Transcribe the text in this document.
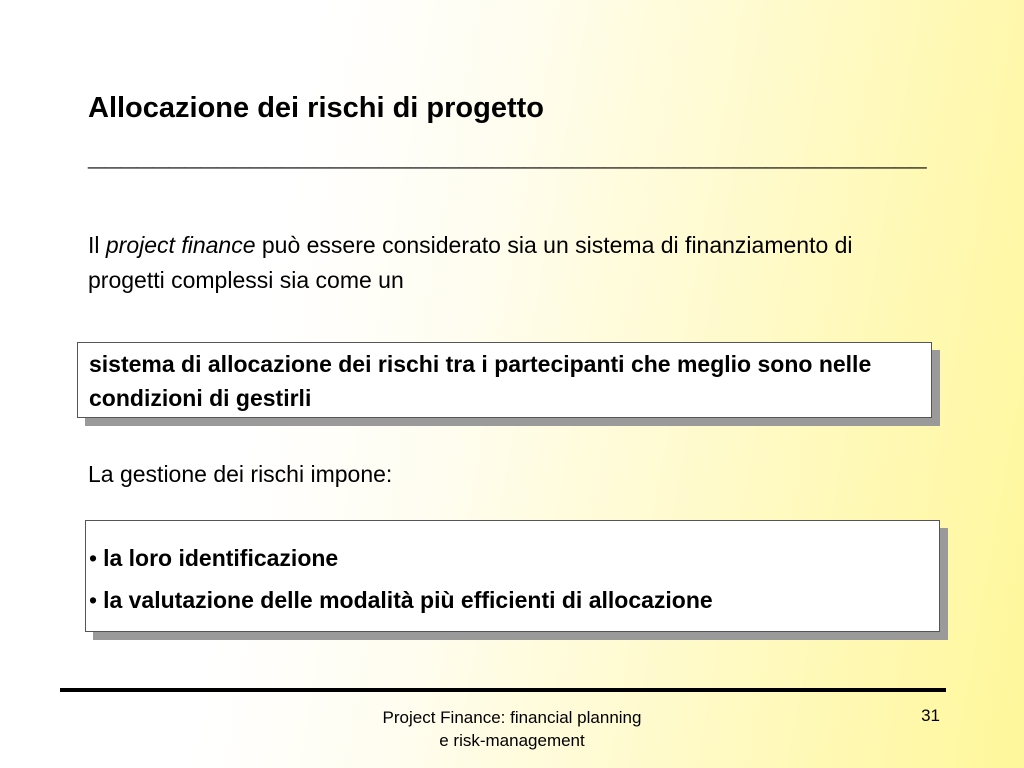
Allocazione dei rischi di progetto
____________________________________________________
Il project finance può essere considerato sia un sistema di finanziamento di progetti complessi sia come un
sistema di allocazione dei rischi tra i partecipanti che meglio sono nelle condizioni di gestirli
La gestione dei rischi impone:
• la loro identificazione
• la valutazione delle modalità più efficienti di allocazione
Project Finance: financial planning
e risk-management
31
